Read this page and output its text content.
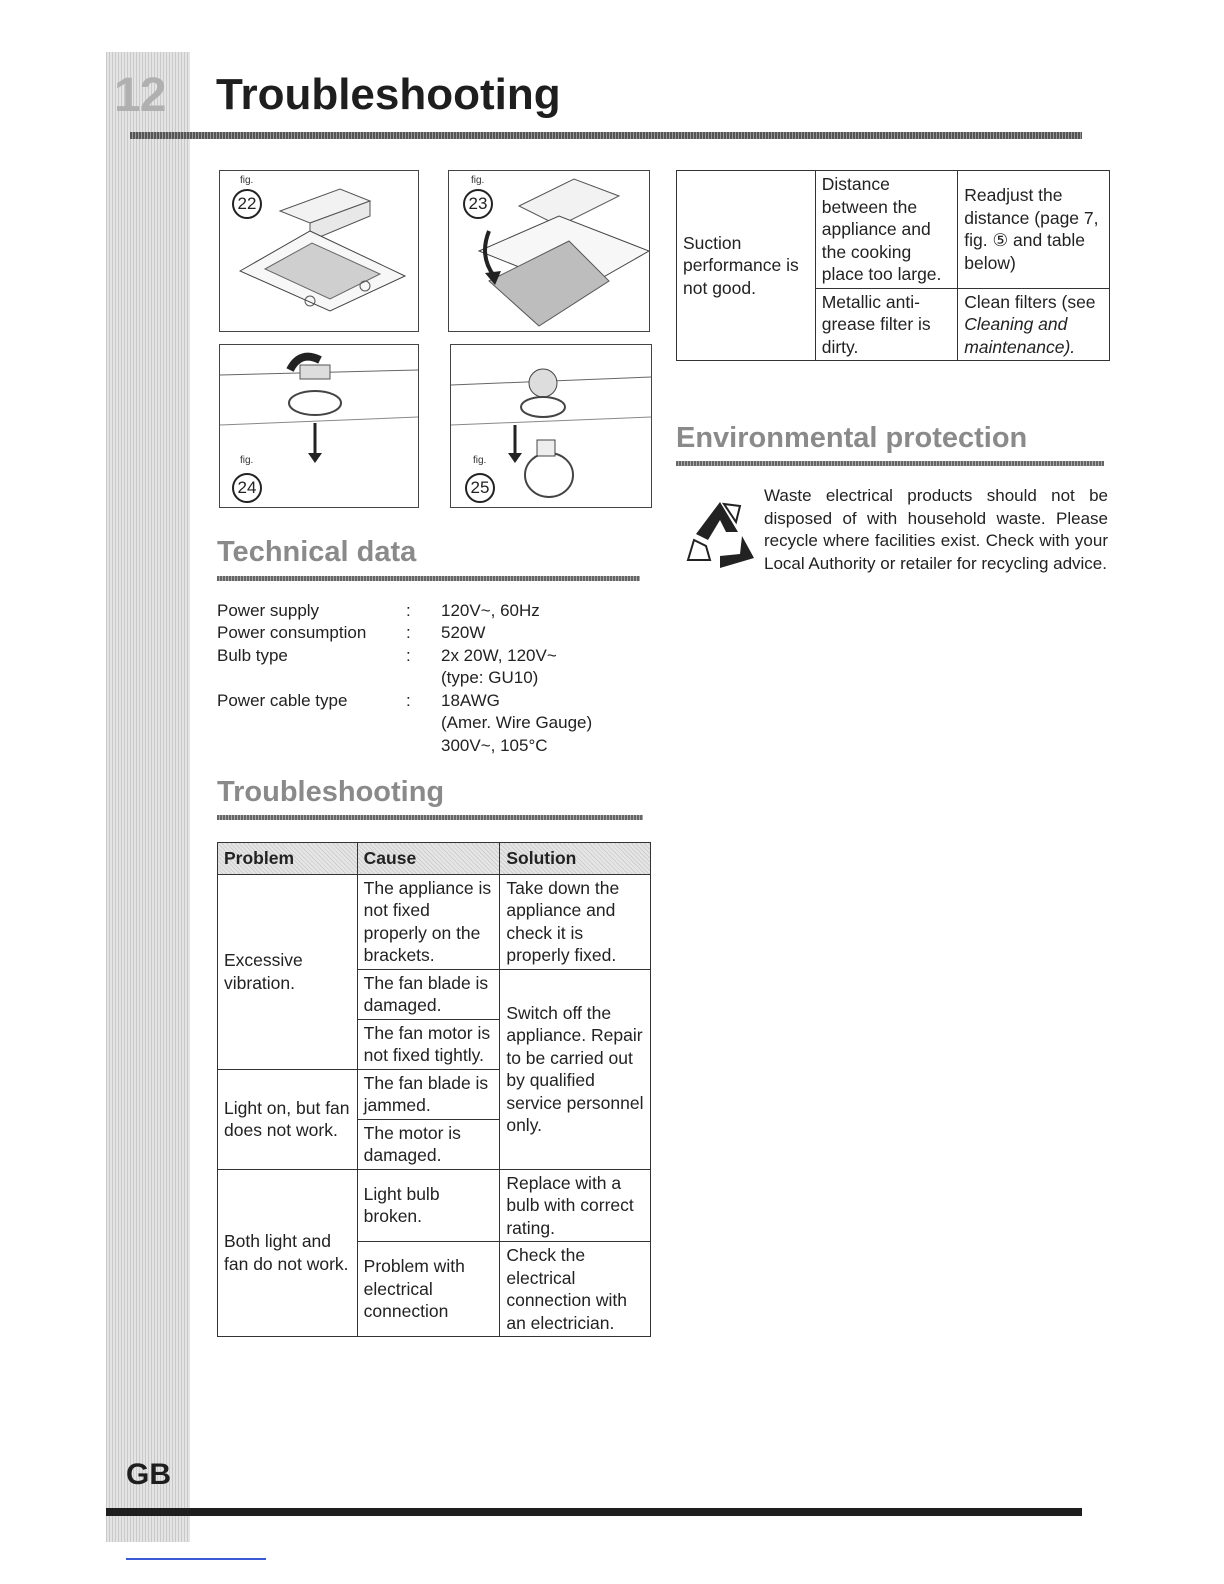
12 Troubleshooting
fig.
22
fig.
23
fig.
24
fig.
25
Technical data
Power supply	: 120V~, 60Hz
Power consumption : 520W
Bulb type	: 2x 20W, 120V~
(type: GU10)
Power cable type	: 18AWG
(Amer. Wire Gauge)
300V~, 105°C
Troubleshooting
Problem	Cause	Solution
Excessive vibration.	The appliance is not fixed properly on the brackets.	Take down the appliance and check it is properly fixed.
	The fan blade is damaged.	Switch off the appliance. Repair to be carried out by qualified service personnel only.
	The fan motor is not fixed tightly.	
Light on, but fan does not work.	The fan blade is jammed.	
	The motor is damaged.	
Both light and fan do not work.	Light bulb broken.	Replace with a bulb with correct rating.
	Problem with electrical connection	Check the electrical connection with an electrician.
Suction performance is not good.	Distance between the appliance and the cooking place too large.	Readjust the distance (page 7, fig. ⑤ and table below)
	Metallic anti-grease filter is dirty.	Clean filters (see Cleaning and maintenance).
Environmental protection
Waste electrical products should not be disposed of with household waste. Please recycle where facilities exist. Check with your Local Authority or retailer for recycling advice.
GB
